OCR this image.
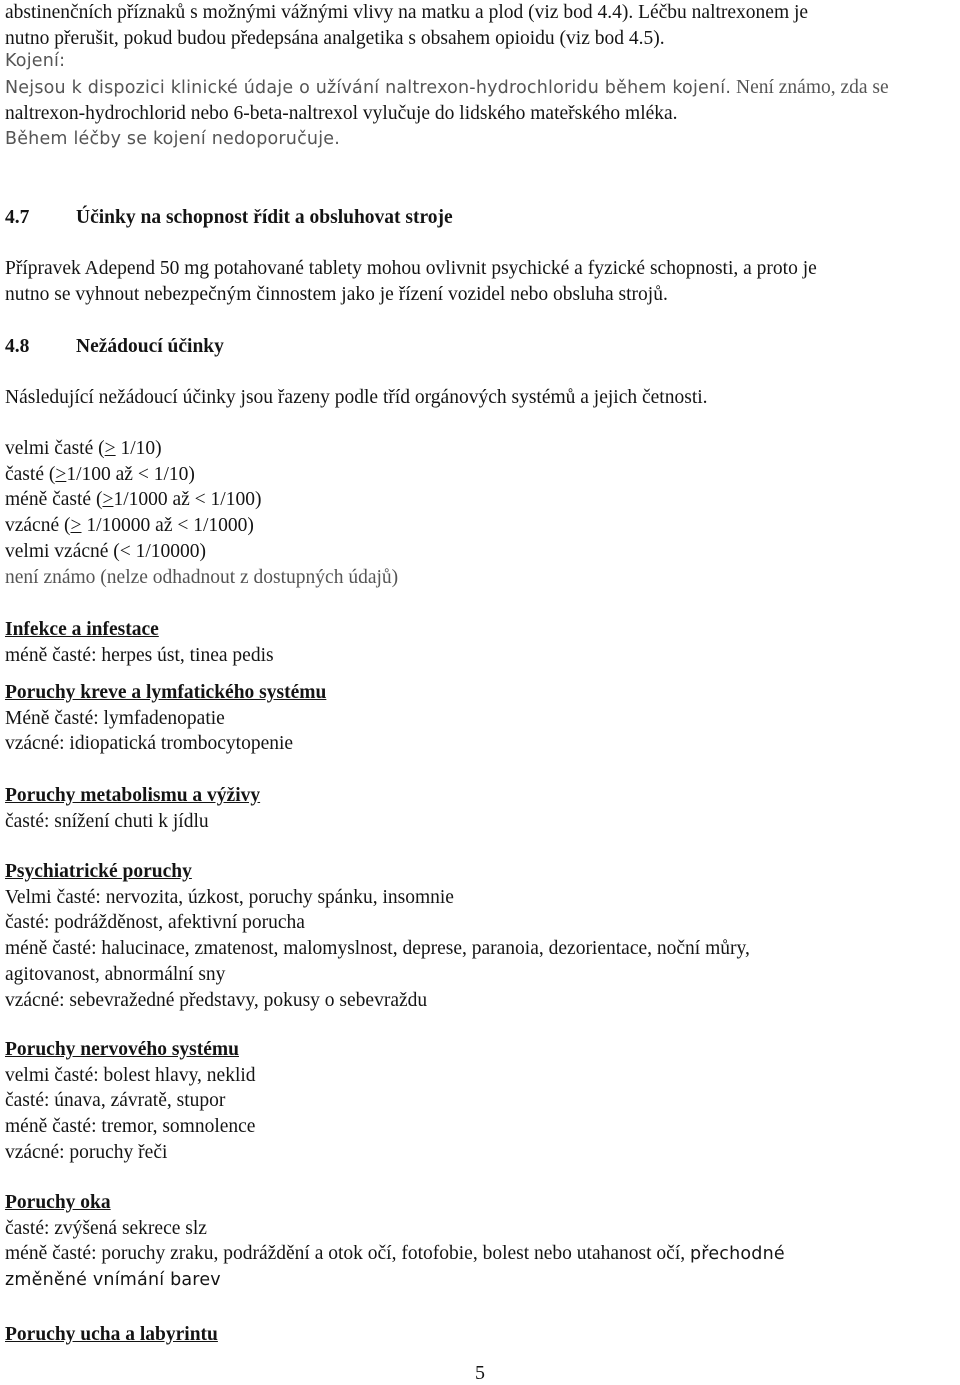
abstinenčních příznaků s možnými vážnými vlivy na matku a plod (viz bod 4.4). Léčbu naltrexonem je

nutno přerušit, pokud budou předepsána analgetika s obsahem opioidu (viz bod 4.5).

Kojení:

Nejsou k dispozici klinické údaje o užívání naltrexon-hydrochloridu během kojení. Není známo, zda se

naltrexon-hydrochlorid nebo 6-beta-naltrexol vylučuje do lidského mateřského mléka.

Během léčby se kojení nedoporučuje.

4.7 Účinky na schopnost řídit a obsluhovat stroje

Přípravek Adepend 50 mg potahované tablety mohou ovlivnit psychické a fyzické schopnosti, a proto je

nutno se vyhnout nebezpečným činnostem jako je řízení vozidel nebo obsluha strojů.

4.8 Nežádoucí účinky

Následující nežádoucí účinky jsou řazeny podle tříd orgánových systémů a jejich četnosti.

velmi časté (> 1/10)

časté (>1/100 až < 1/10)

méně časté (>1/1000 až < 1/100)

vzácné (> 1/10000 až < 1/1000)

velmi vzácné (< 1/10000)

není známo (nelze odhadnout z dostupných údajů)

Infekce a infestace

méně časté: herpes úst, tinea pedis

Poruchy kreve a lymfatického systému

Méně časté: lymfadenopatie

vzácné: idiopatická trombocytopenie

Poruchy metabolismu a výživy

časté: snížení chuti k jídlu

Psychiatrické poruchy

Velmi časté: nervozita, úzkost, poruchy spánku, insomnie

časté: podrážděnost, afektivní porucha

méně časté: halucinace, zmatenost, malomyslnost, deprese, paranoia, dezorientace, noční můry,

agitovanost, abnormální sny

vzácné: sebevražedné představy, pokusy o sebevraždu

Poruchy nervového systému

velmi časté: bolest hlavy, neklid

časté: únava, závratě, stupor

méně časté: tremor, somnolence

vzácné: poruchy řeči

Poruchy oka

časté: zvýšená sekrece slz

méně časté: poruchy zraku, podráždění a otok očí, fotofobie, bolest nebo utahanost očí, přechodné

změněné vnímání barev

Poruchy ucha a labyrintu

5
